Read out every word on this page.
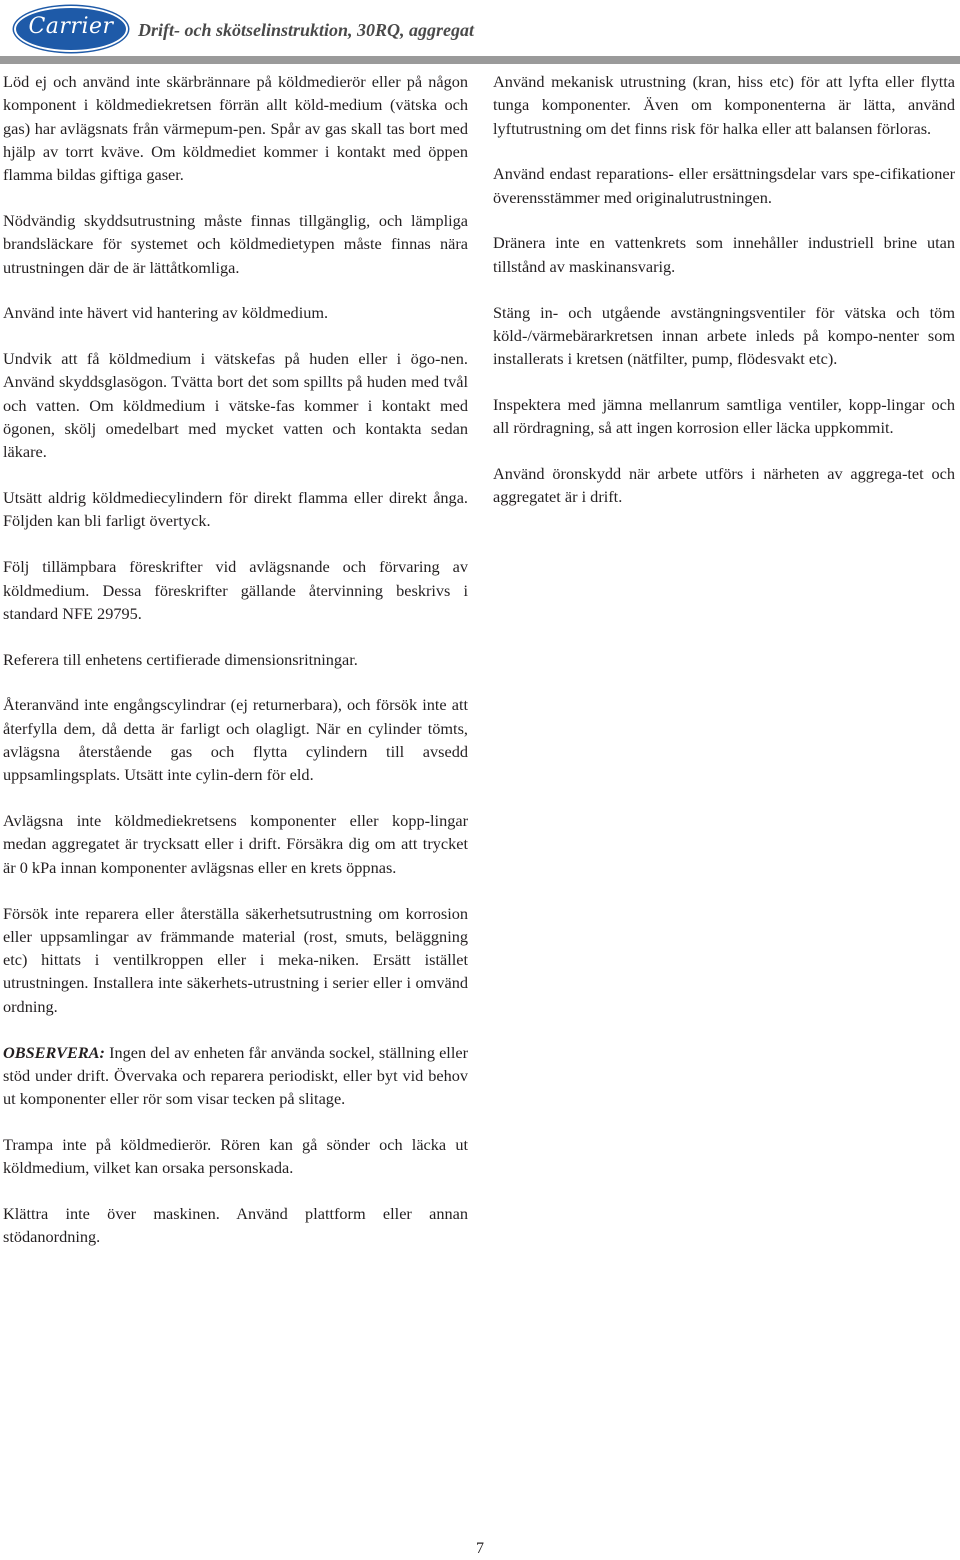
Carrier	Drift- och skötselinstruktion, 30RQ, aggregat

Löd ej och använd inte skärbrännare på köldmedierör eller på någon komponent i köldmediekretsen förrän allt köld-medium (vätska och gas) har avlägsnats från värmepum-pen. Spår av gas skall tas bort med hjälp av torrt kväve. Om köldmediet kommer i kontakt med öppen flamma bildas giftiga gaser.

Nödvändig skyddsutrustning måste finnas tillgänglig, och lämpliga brandsläckare för systemet och köldmedietypen måste finnas nära utrustningen där de är lättåtkomliga.

Använd inte hävert vid hantering av köldmedium.

Undvik att få köldmedium i vätskefas på huden eller i ögo-nen. Använd skyddsglasögon. Tvätta bort det som spillts på huden med tvål och vatten. Om köldmedium i vätske-fas kommer i kontakt med ögonen, skölj omedelbart med mycket vatten och kontakta sedan läkare.

Utsätt aldrig köldmediecylindern för direkt flamma eller direkt ånga. Följden kan bli farligt övertyck.

Följ tillämpbara föreskrifter vid avlägsnande och förvaring av köldmedium. Dessa föreskrifter gällande återvinning beskrivs i standard NFE 29795.

Referera till enhetens certifierade dimensionsritningar.

Återanvänd inte engångscylindrar (ej returnerbara), och försök inte att återfylla dem, då detta är farligt och olagligt. När en cylinder tömts, avlägsna återstående gas och flytta cylindern till avsedd uppsamlingsplats. Utsätt inte cylin-dern för eld.

Avlägsna inte köldmediekretsens komponenter eller kopp-lingar medan aggregatet är trycksatt eller i drift. Försäkra dig om att trycket är 0 kPa innan komponenter avlägsnas eller en krets öppnas.

Försök inte reparera eller återställa säkerhetsutrustning om korrosion eller uppsamlingar av främmande material (rost, smuts, beläggning etc) hittats i ventilkroppen eller i meka-niken. Ersätt istället utrustningen. Installera inte säkerhets-utrustning i serier eller i omvänd ordning.

OBSERVERA: Ingen del av enheten får använda sockel, ställning eller stöd under drift. Övervaka och reparera periodiskt, eller byt vid behov ut komponenter eller rör som visar tecken på slitage.

Trampa inte på köldmedierör. Rören kan gå sönder och läcka ut köldmedium, vilket kan orsaka personskada.

Klättra inte över maskinen. Använd plattform eller annan stödanordning.

Använd mekanisk utrustning (kran, hiss etc) för att lyfta eller flytta tunga komponenter. Även om komponenterna är lätta, använd lyftutrustning om det finns risk för halka eller att balansen förloras.

Använd endast reparations- eller ersättningsdelar vars spe-cifikationer överensstämmer med originalutrustningen.

Dränera inte en vattenkrets som innehåller industriell brine utan tillstånd av maskinansvarig.

Stäng in- och utgående avstängningsventiler för vätska och töm köld-/värmebärarkretsen innan arbete inleds på kompo-nenter som installerats i kretsen (nätfilter, pump, flödesvakt etc).

Inspektera med jämna mellanrum samtliga ventiler, kopp-lingar och all rördragning, så att ingen korrosion eller läcka uppkommit.

Använd öronskydd när arbete utförs i närheten av aggrega-tet och aggregatet är i drift.

7
